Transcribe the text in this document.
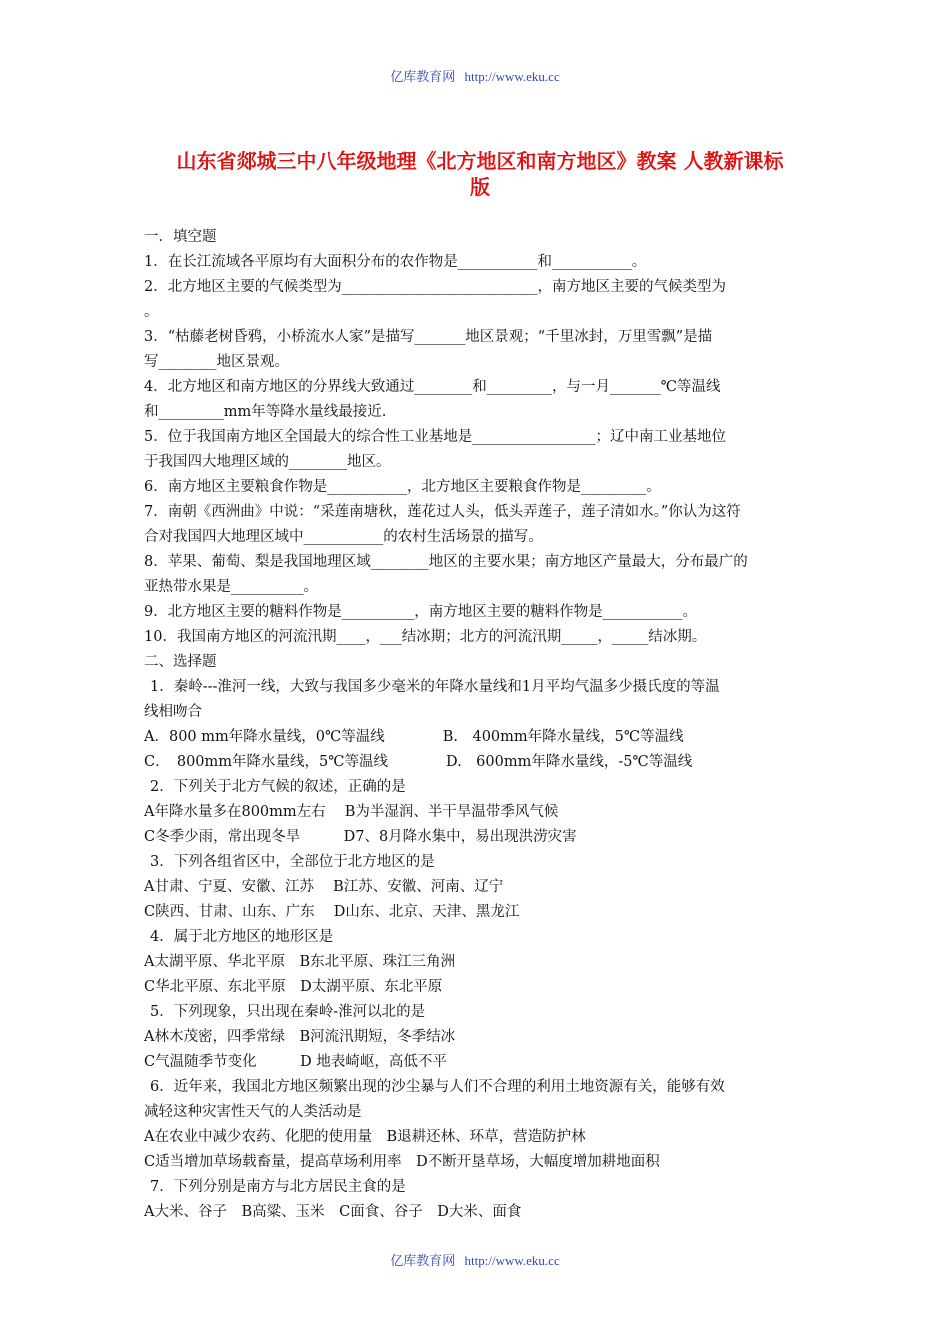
亿库教育网 http://www.eku.cc
山东省郯城三中八年级地理《北方地区和南方地区》教案 人教新课标
版
一．填空题
1．在长江流域各平原均有大面积分布的农作物是___________和___________。
2．北方地区主要的气候类型为___________________________，南方地区主要的气候类型为
。
3．“枯藤老树昏鸦，小桥流水人家”是描写_______地区景观；“千里冰封，万里雪飘”是描
写________地区景观。
4．北方地区和南方地区的分界线大致通过________和_________，与一月_______℃等温线
和_________mm年等降水量线最接近.
5．位于我国南方地区全国最大的综合性工业基地是_________________；辽中南工业基地位
于我国四大地理区域的________地区。
6．南方地区主要粮食作物是___________，北方地区主要粮食作物是_________。
7．南朝《西洲曲》中说：“采莲南塘秋，莲花过人头，低头弄莲子，莲子清如水。”你认为这符
合对我国四大地理区域中___________的农村生活场景的描写。
8．苹果、葡萄、梨是我国地理区域________地区的主要水果；南方地区产量最大，分布最广的
亚热带水果是__________。
9．北方地区主要的糖料作物是__________，南方地区主要的糖料作物是___________。
10．我国南方地区的河流汛期____，___结冰期；北方的河流汛期_____，_____结冰期。
二、选择题
1．秦岭---淮河一线，大致与我国多少毫米的年降水量线和1月平均气温多少摄氏度的等温
线相吻合
A．800 mm年降水量线，0℃等温线　　　　B.　400mm年降水量线，5℃等温线
C．　800mm年降水量线，5℃等温线　　　　D.　600mm年降水量线，-5℃等温线
2．下列关于北方气候的叙述，正确的是
A年降水量多在800mm左右　 B为半湿润、半干旱温带季风气候
C冬季少雨，常出现冬旱　　　D7、8月降水集中，易出现洪涝灾害
3．下列各组省区中，全部位于北方地区的是
A甘肃、宁夏、安徽、江苏　 B江苏、安徽、河南、辽宁
C陕西、甘肃、山东、广东　 D山东、北京、天津、黑龙江
4．属于北方地区的地形区是
A太湖平原、华北平原　B东北平原、珠江三角洲
C华北平原、东北平原　D太湖平原、东北平原
5．下列现象，只出现在秦岭-淮河以北的是
A林木茂密，四季常绿　B河流汛期短，冬季结冰
C气温随季节变化　　　D 地表崎岖，高低不平
6．近年来，我国北方地区频繁出现的沙尘暴与人们不合理的利用土地资源有关，能够有效
减轻这种灾害性天气的人类活动是
A在农业中减少农药、化肥的使用量　B退耕还林、环草，营造防护林
C适当增加草场载畜量，提高草场利用率　D不断开垦草场，大幅度增加耕地面积
7．下列分别是南方与北方居民主食的是
A大米、谷子　B高粱、玉米　C面食、谷子　D大米、面食
亿库教育网 http://www.eku.cc
